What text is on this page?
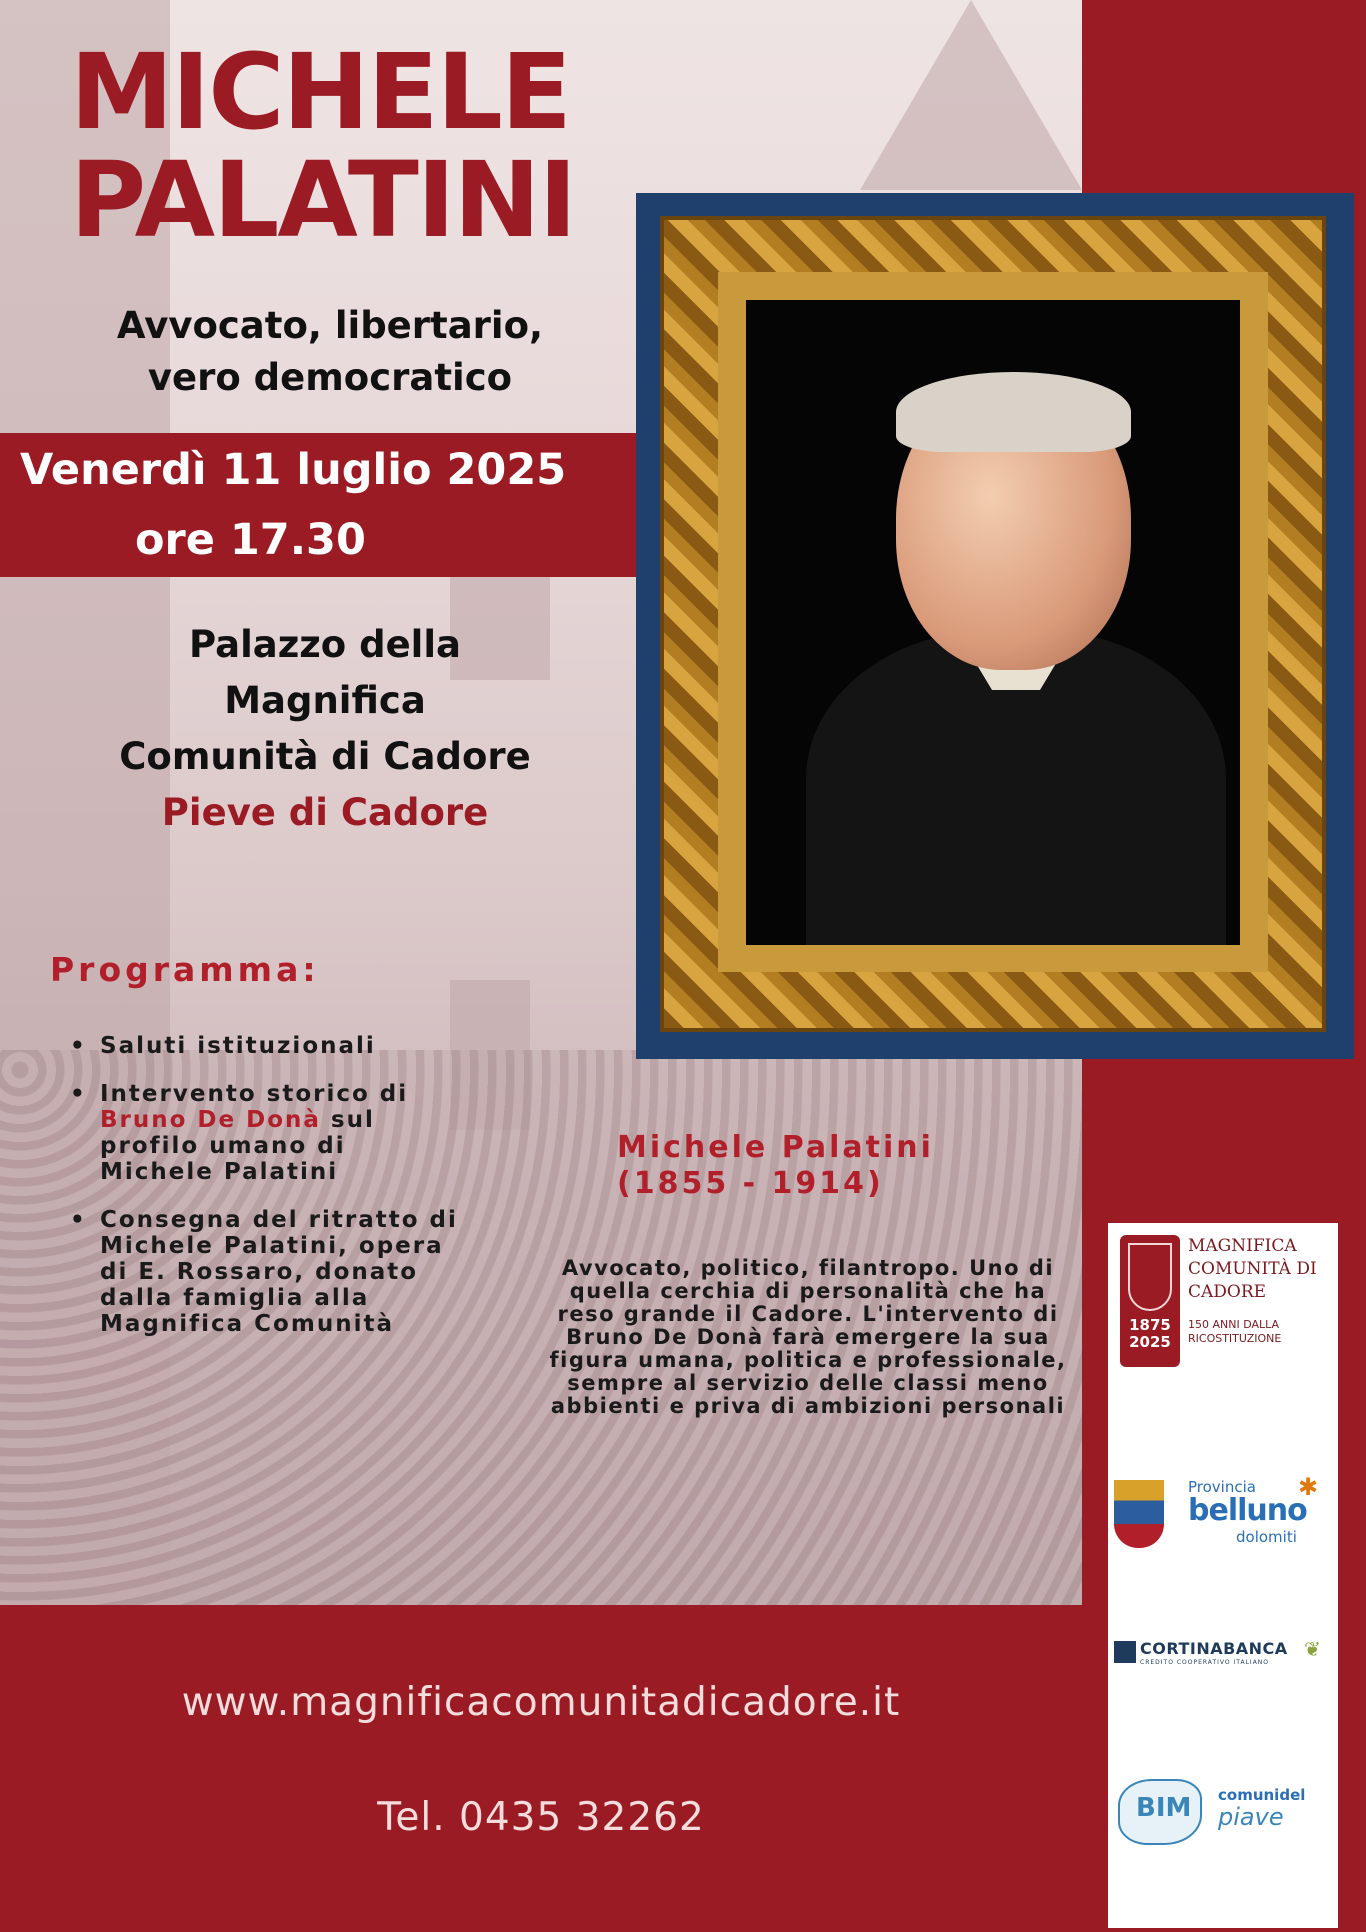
MICHELE PALATINI
Avvocato, libertario, vero democratico
Venerdì 11 luglio 2025
ore 17.30
Palazzo della
Magnifica
Comunità di Cadore
Pieve di Cadore
Programma:
• Saluti istituzionali
• Intervento storico di Bruno De Donà sul profilo umano di Michele Palatini
• Consegna del ritratto di Michele Palatini, opera di E. Rossaro, donato dalla famiglia alla Magnifica Comunità
Michele Palatini
(1855 - 1914)
Avvocato, politico, filantropo. Uno di quella cerchia di personalità che ha reso grande il Cadore. L'intervento di Bruno De Donà farà emergere la sua figura umana, politica e professionale, sempre al servizio delle classi meno abbienti e priva di ambizioni personali
www.magnificacomunitadicadore.it
Tel. 0435 32262
1875 2025
MAGNIFICA COMUNITÀ DI CADORE
150 ANNI DALLA RICOSTITUZIONE
Provincia
belluno
dolomiti
✱
CORTINABANCA
CREDITO COOPERATIVO ITALIANO
❦
BIM comunidel
piave
